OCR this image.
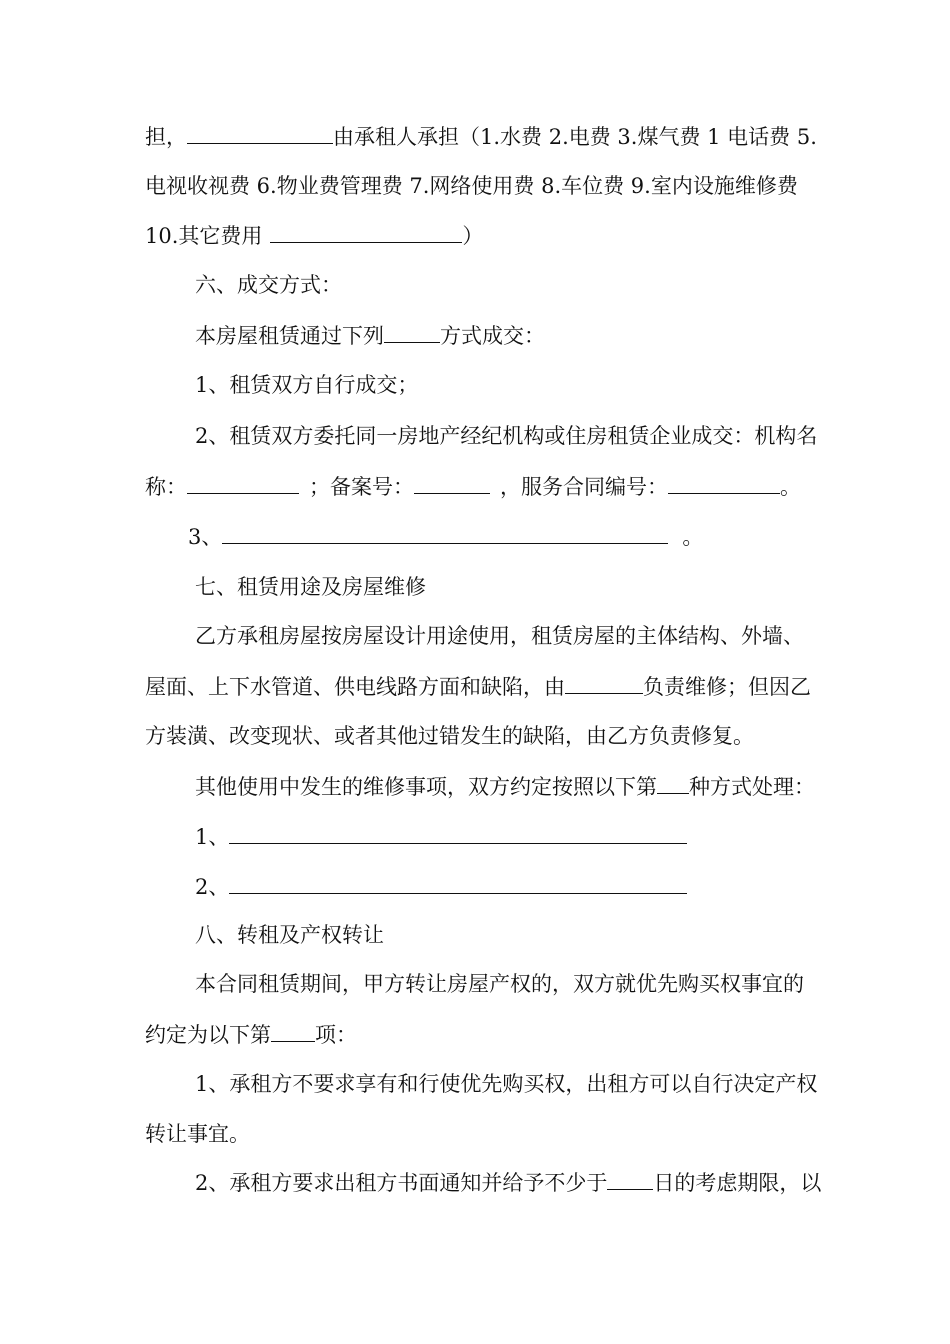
担，	由承租人承担（1.水费 2.电费 3.煤气费 1 电话费 5.
电视收视费 6.物业费管理费 7.网络使用费 8.车位费 9.室内设施维修费
10.其它费用	）
六、成交方式：
本房屋租赁通过下列	方式成交：
1、租赁双方自行成交；
2、租赁双方委托同一房地产经纪机构或住房租赁企业成交：机构名
称：	；备案号：	，服务合同编号：	。
3、	。
七、租赁用途及房屋维修
乙方承租房屋按房屋设计用途使用，租赁房屋的主体结构、外墙、
屋面、上下水管道、供电线路方面和缺陷，由	负责维修；但因乙
方装潢、改变现状、或者其他过错发生的缺陷，由乙方负责修复。
其他使用中发生的维修事项，双方约定按照以下第 种方式处理：
1、
2、
八、转租及产权转让
本合同租赁期间，甲方转让房屋产权的，双方就优先购买权事宜的
约定为以下第 项：
1、承租方不要求享有和行使优先购买权，出租方可以自行决定产权
转让事宜。
2、承租方要求出租方书面通知并给予不少于 日的考虑期限，以
